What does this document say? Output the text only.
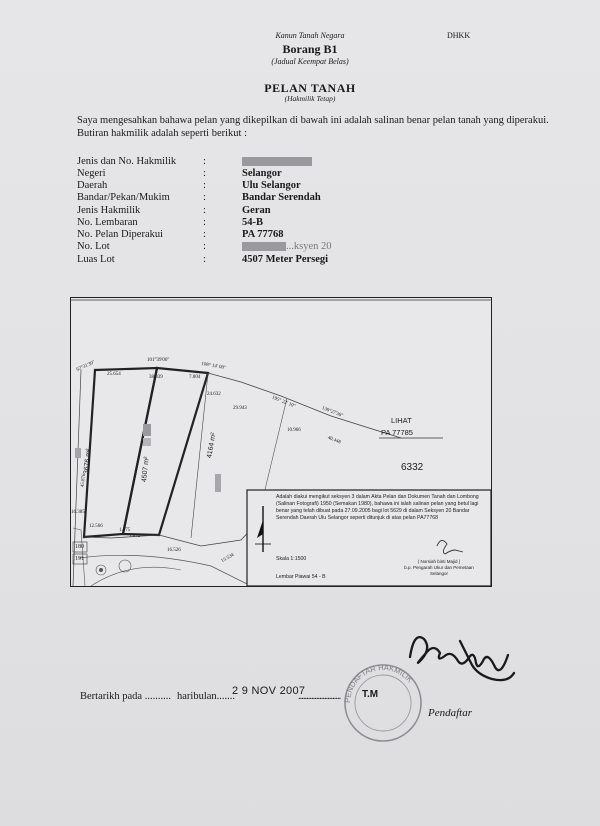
Kanun Tanah Negara	DHKK
Borang B1
(Jadual Keempat Belas)
PELAN TANAH
(Hakmilik Tetap)
Saya mengesahkan bahawa pelan yang dikepilkan di bawah ini adalah salinan benar pelan tanah yang diperakui.
Butiran hakmilik adalah seperti berikut :
Jenis dan No. Hakmilik	:
Negeri	:	Selangor
Daerah	:	Ulu Selangor
Bandar/Pekan/Mukim	:	Bandar Serendah
Jenis Hakmilik	:	Geran
No. Lembaran	:	54-B
No. Pelan Diperakui	:	PA 77768
No. Lot	:	...ksyen 20
Luas Lot	:	4507 Meter Persegi
62°31'30"	101°39'00"
108° 14' 00"
25.654
38.339	7.004
24.632
195° 22' 10"
29.943
10.966
130°27'30"
40.448
45.876
12.566
16.526
15.534
16.385
1.375
1.872
180
191
3676 m²	4507 m²
4164 m²
LIHAT
PA 77785
6332
Adalah diakui mengikut seksyen 3 dalam Akta Pelan dan Dokumen Tanah dan Lombong (Salinan Fotografi) 1950 (Semakan 1980), bahawa ini ialah salinan pelan yang betul lagi benar yang telah dibuat pada 27.09.2005 bagi lot 5629 di dalam Seksyen 20 Bandar Serendah Daerah Ulu Selangor seperti ditunjuk di atas pelan PA77768
Skala 1:1500
Lembar Piawai 54 - B
( Norsiah binti Majid )
b.p. Pengarah Ukur dan Pemetaan
Selangor
PENDAFTAR HAKMILIK
T.M
Bertarikh pada .......... haribulan.......
2 9 NOV 2007
..........................
Pendaftar
